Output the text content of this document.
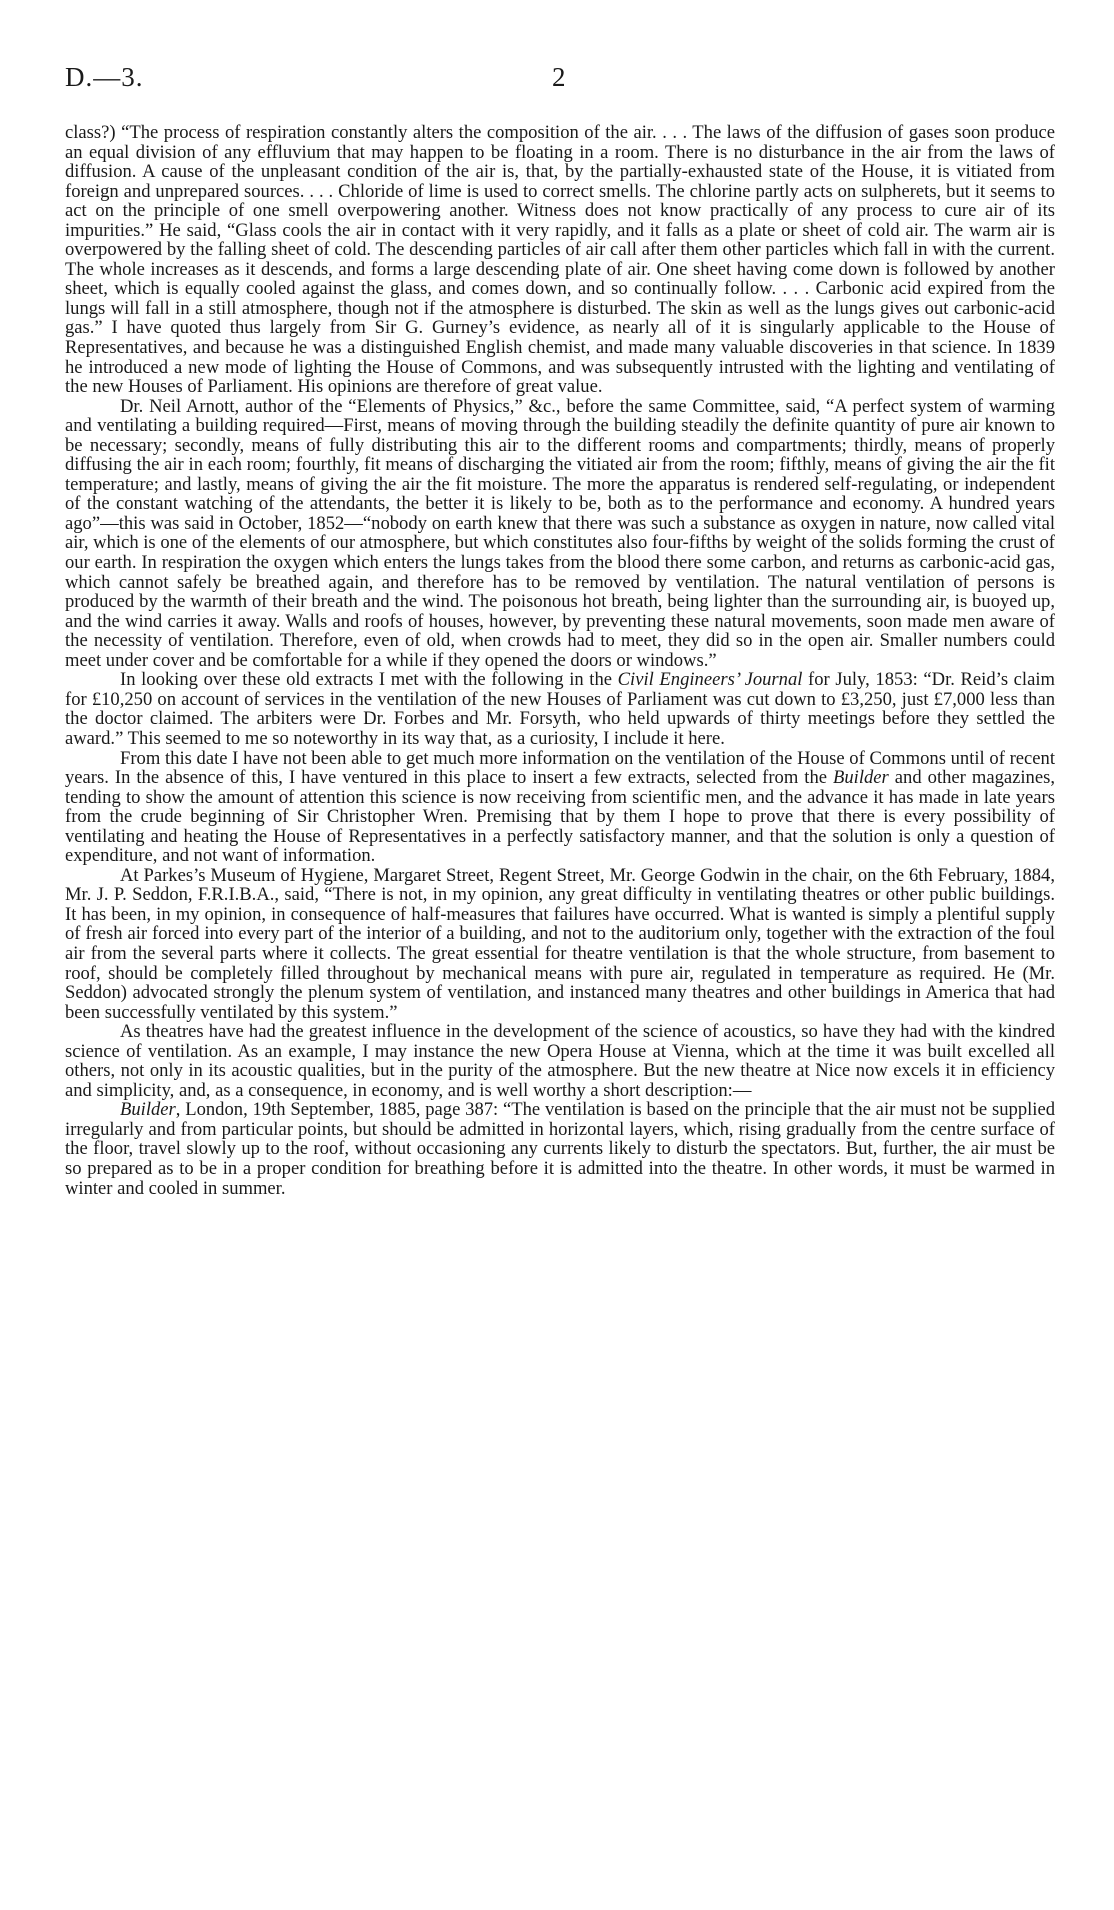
D.—3.	2

class?) “The process of respiration constantly alters the composition of the air. . . . The laws of the diffusion of gases soon produce an equal division of any effluvium that may happen to be floating in a room. There is no disturbance in the air from the laws of diffusion. A cause of the unpleasant condition of the air is, that, by the partially-exhausted state of the House, it is vitiated from foreign and unprepared sources. . . . Chloride of lime is used to correct smells. The chlorine partly acts on sulpherets, but it seems to act on the principle of one smell overpowering another. Witness does not know practically of any process to cure air of its impurities.” He said, “Glass cools the air in contact with it very rapidly, and it falls as a plate or sheet of cold air. The warm air is overpowered by the falling sheet of cold. The descending particles of air call after them other particles which fall in with the current. The whole increases as it descends, and forms a large descending plate of air. One sheet having come down is followed by another sheet, which is equally cooled against the glass, and comes down, and so continually follow. . . . Carbonic acid expired from the lungs will fall in a still atmosphere, though not if the atmosphere is disturbed. The skin as well as the lungs gives out carbonic-acid gas.” I have quoted thus largely from Sir G. Gurney’s evidence, as nearly all of it is singularly applicable to the House of Representatives, and because he was a distinguished English chemist, and made many valuable discoveries in that science. In 1839 he introduced a new mode of lighting the House of Commons, and was subsequently intrusted with the lighting and ventilating of the new Houses of Parliament. His opinions are therefore of great value.

Dr. Neil Arnott, author of the “Elements of Physics,” &c., before the same Committee, said, “A perfect system of warming and ventilating a building required—First, means of moving through the building steadily the definite quantity of pure air known to be necessary; secondly, means of fully distributing this air to the different rooms and compartments; thirdly, means of properly diffusing the air in each room; fourthly, fit means of discharging the vitiated air from the room; fifthly, means of giving the air the fit temperature; and lastly, means of giving the air the fit moisture. The more the apparatus is rendered self-regulating, or independent of the constant watching of the attendants, the better it is likely to be, both as to the performance and economy. A hundred years ago”—this was said in October, 1852—“nobody on earth knew that there was such a substance as oxygen in nature, now called vital air, which is one of the elements of our atmosphere, but which constitutes also four-fifths by weight of the solids forming the crust of our earth. In respiration the oxygen which enters the lungs takes from the blood there some carbon, and returns as carbonic-acid gas, which cannot safely be breathed again, and therefore has to be removed by ventilation. The natural ventilation of persons is produced by the warmth of their breath and the wind. The poisonous hot breath, being lighter than the surrounding air, is buoyed up, and the wind carries it away. Walls and roofs of houses, however, by preventing these natural movements, soon made men aware of the necessity of ventilation. Therefore, even of old, when crowds had to meet, they did so in the open air. Smaller numbers could meet under cover and be comfortable for a while if they opened the doors or windows.”

In looking over these old extracts I met with the following in the Civil Engineers’ Journal for July, 1853: “Dr. Reid’s claim for £10,250 on account of services in the ventilation of the new Houses of Parliament was cut down to £3,250, just £7,000 less than the doctor claimed. The arbiters were Dr. Forbes and Mr. Forsyth, who held upwards of thirty meetings before they settled the award.” This seemed to me so noteworthy in its way that, as a curiosity, I include it here.

From this date I have not been able to get much more information on the ventilation of the House of Commons until of recent years. In the absence of this, I have ventured in this place to insert a few extracts, selected from the Builder and other magazines, tending to show the amount of attention this science is now receiving from scientific men, and the advance it has made in late years from the crude beginning of Sir Christopher Wren. Premising that by them I hope to prove that there is every possibility of ventilating and heating the House of Representatives in a perfectly satisfactory manner, and that the solution is only a question of expenditure, and not want of information.

At Parkes’s Museum of Hygiene, Margaret Street, Regent Street, Mr. George Godwin in the chair, on the 6th February, 1884, Mr. J. P. Seddon, F.R.I.B.A., said, “There is not, in my opinion, any great difficulty in ventilating theatres or other public buildings. It has been, in my opinion, in consequence of half-measures that failures have occurred. What is wanted is simply a plentiful supply of fresh air forced into every part of the interior of a building, and not to the auditorium only, together with the extraction of the foul air from the several parts where it collects. The great essential for theatre ventilation is that the whole structure, from basement to roof, should be completely filled throughout by mechanical means with pure air, regulated in temperature as required. He (Mr. Seddon) advocated strongly the plenum system of ventilation, and instanced many theatres and other buildings in America that had been successfully ventilated by this system.”

As theatres have had the greatest influence in the development of the science of acoustics, so have they had with the kindred science of ventilation. As an example, I may instance the new Opera House at Vienna, which at the time it was built excelled all others, not only in its acoustic qualities, but in the purity of the atmosphere. But the new theatre at Nice now excels it in efficiency and simplicity, and, as a consequence, in economy, and is well worthy a short description:—

Builder, London, 19th September, 1885, page 387: “The ventilation is based on the principle that the air must not be supplied irregularly and from particular points, but should be admitted in horizontal layers, which, rising gradually from the centre surface of the floor, travel slowly up to the roof, without occasioning any currents likely to disturb the spectators. But, further, the air must be so prepared as to be in a proper condition for breathing before it is admitted into the theatre. In other words, it must be warmed in winter and cooled in summer.
